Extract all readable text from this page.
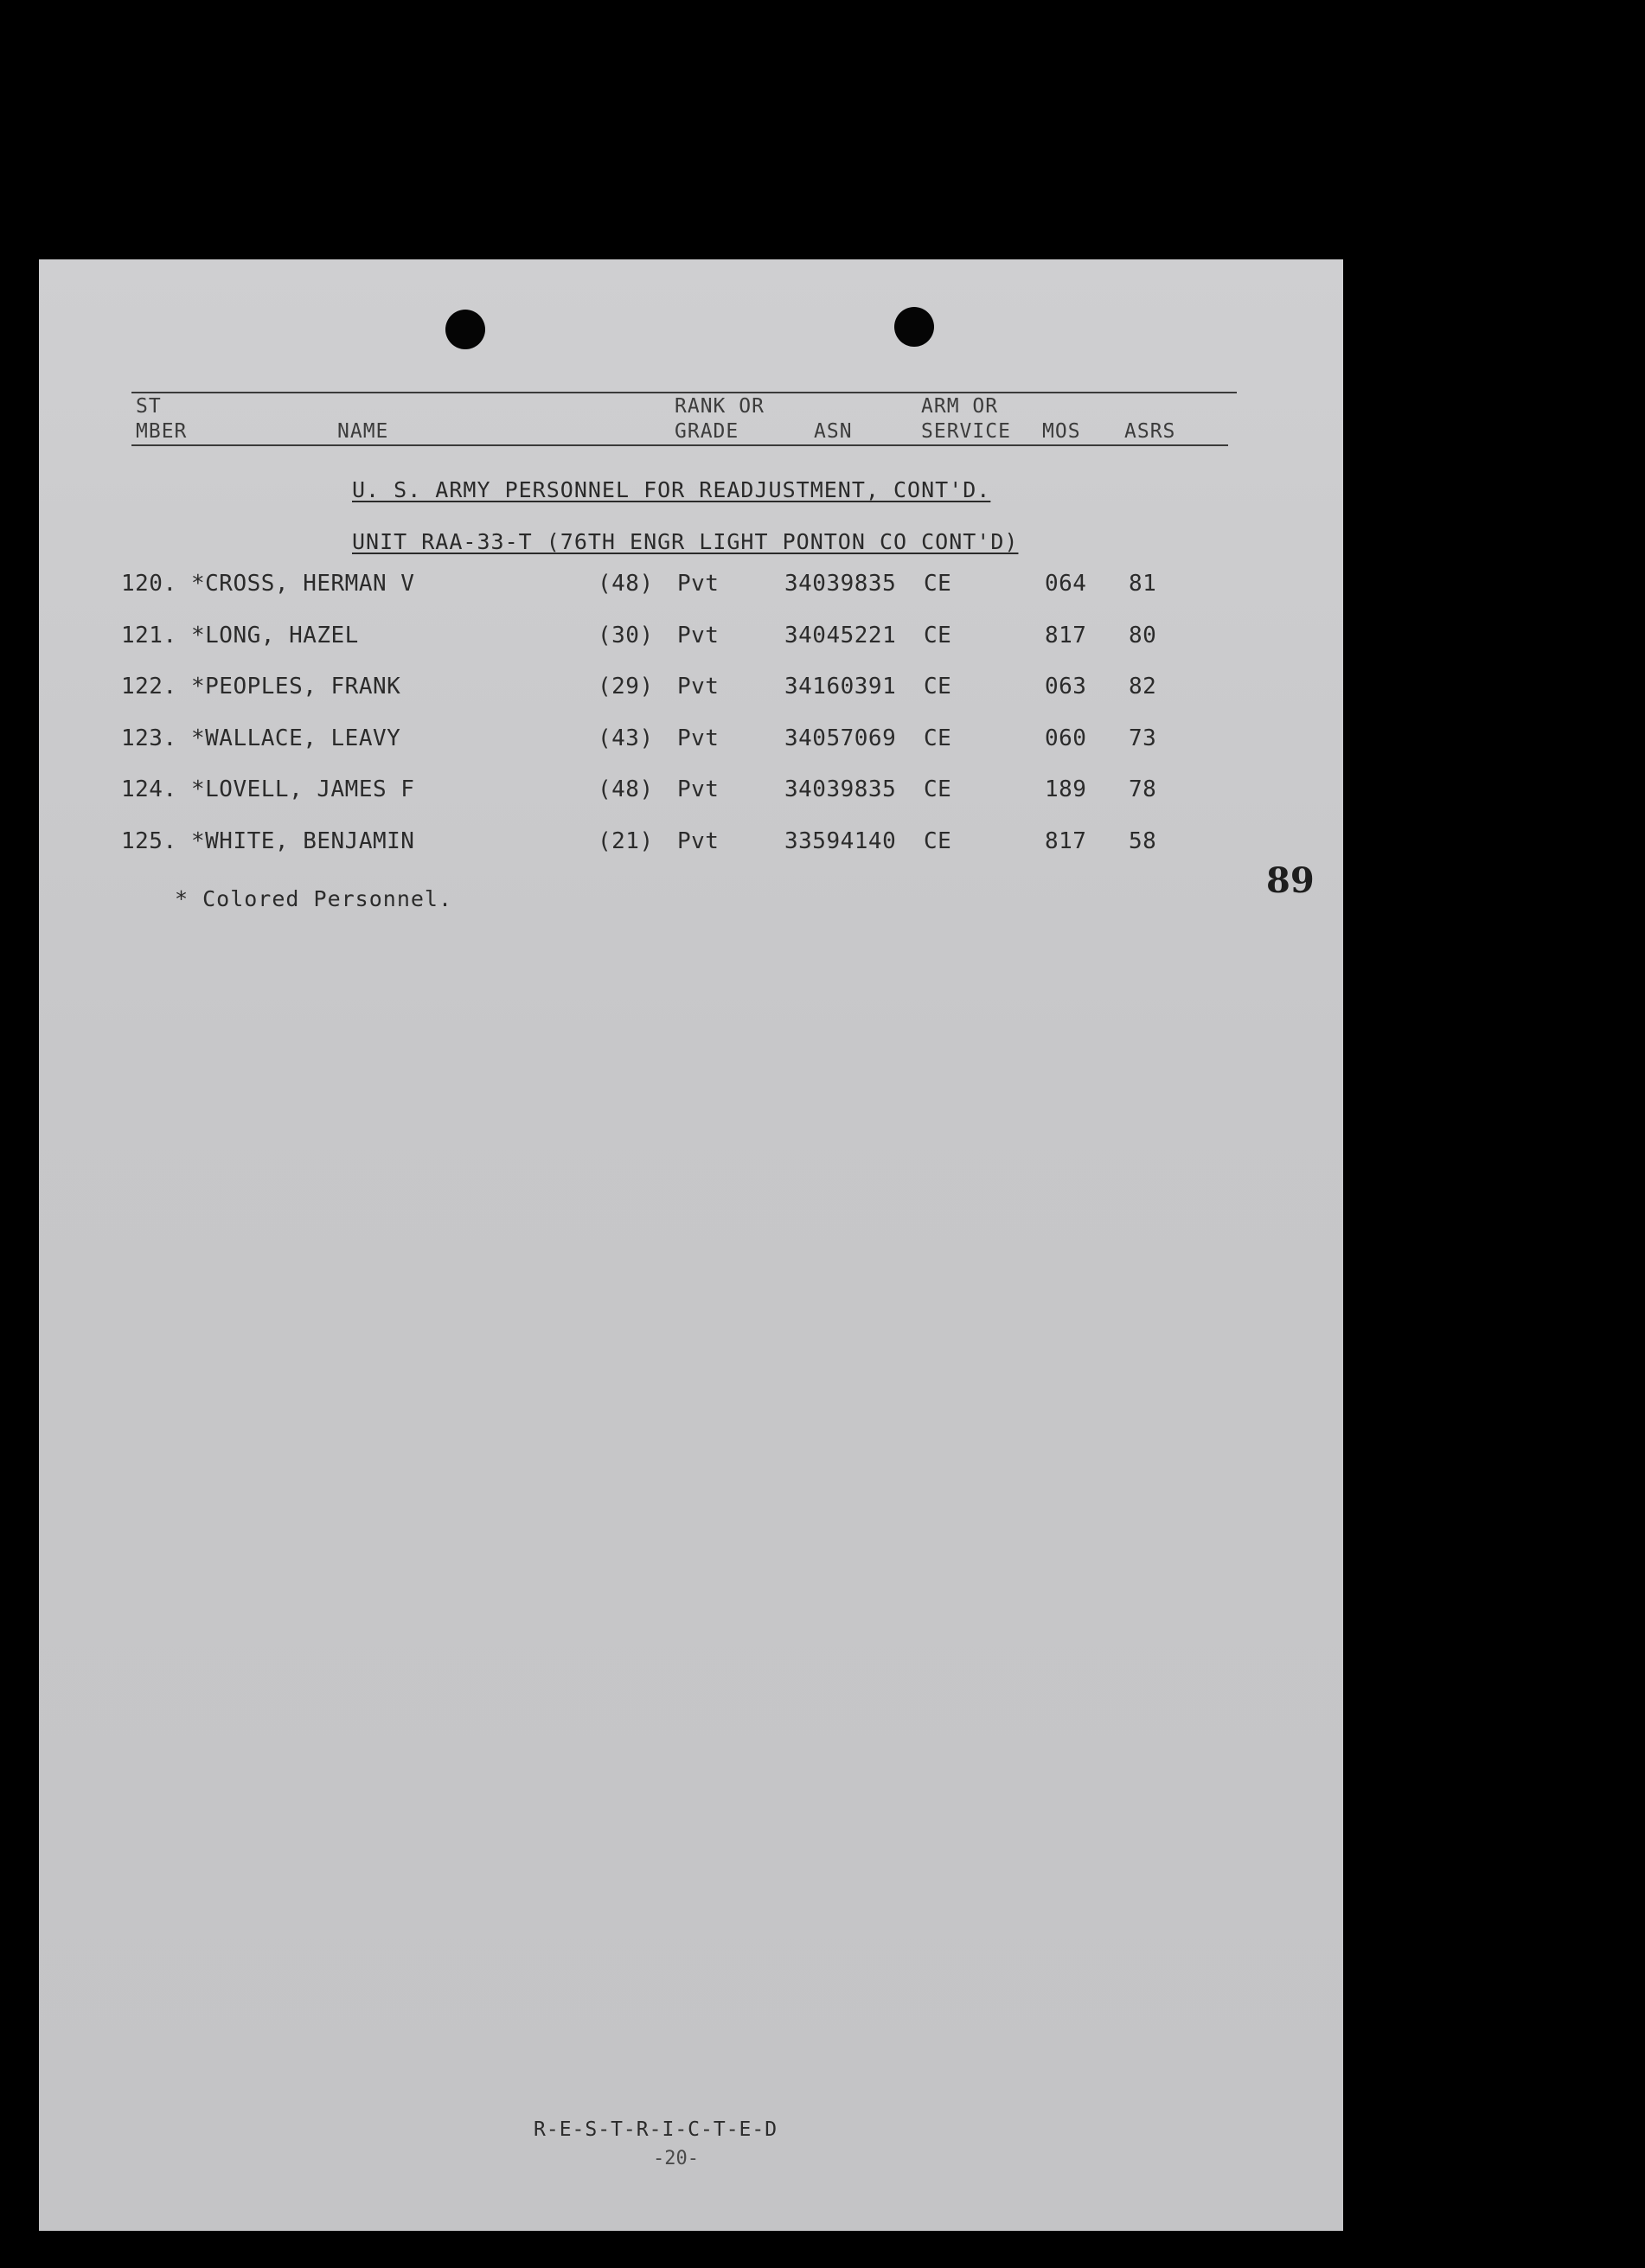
ST
MBER	NAME
RANK OR
GRADE	ASN
ARM OR
SERVICE MOS ASRS
U. S. ARMY PERSONNEL FOR READJUSTMENT, CONT'D.
UNIT RAA-33-T (76TH ENGR LIGHT PONTON CO CONT'D)
120. *CROSS, HERMAN V	(48) Pvt	34039835 CE	064 81
121. *LONG, HAZEL	(30) Pvt	34045221 CE	817 80
122. *PEOPLES, FRANK	(29) Pvt	34160391 CE	063 82
123. *WALLACE, LEAVY	(43) Pvt	34057069 CE	060 73
124. *LOVELL, JAMES F	(48) Pvt	34039835 CE	189 78
125. *WHITE, BENJAMIN	(21) Pvt	33594140 CE	817 58
* Colored Personnel.	89
R-E-S-T-R-I-C-T-E-D
-20-
